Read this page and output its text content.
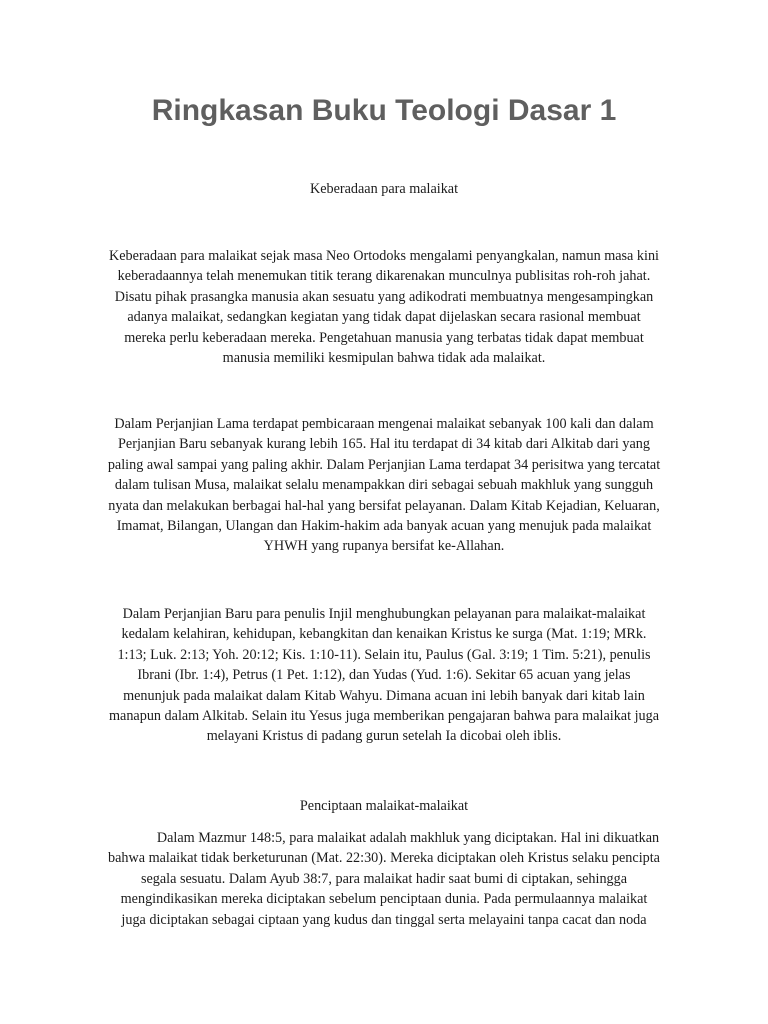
Ringkasan Buku Teologi Dasar 1

Keberadaan para malaikat

Keberadaan para malaikat sejak masa Neo Ortodoks mengalami penyangkalan, namun masa kini
keberadaannya telah menemukan titik terang dikarenakan munculnya publisitas roh-roh jahat.
Disatu pihak prasangka manusia akan sesuatu yang adikodrati membuatnya mengesampingkan
adanya malaikat, sedangkan kegiatan yang tidak dapat dijelaskan secara rasional membuat
mereka perlu keberadaan mereka. Pengetahuan manusia yang terbatas tidak dapat membuat
manusia memiliki kesmipulan bahwa tidak ada malaikat.

Dalam Perjanjian Lama terdapat pembicaraan mengenai malaikat sebanyak 100 kali dan dalam
Perjanjian Baru sebanyak kurang lebih 165. Hal itu terdapat di 34 kitab dari Alkitab dari yang
paling awal sampai yang paling akhir. Dalam Perjanjian Lama terdapat 34 perisitwa yang tercatat
dalam tulisan Musa, malaikat selalu menampakkan diri sebagai sebuah makhluk yang sungguh
nyata dan melakukan berbagai hal-hal yang bersifat pelayanan. Dalam Kitab Kejadian, Keluaran,
Imamat, Bilangan, Ulangan dan Hakim-hakim ada banyak acuan yang menujuk pada malaikat
YHWH yang rupanya bersifat ke-Allahan.

Dalam Perjanjian Baru para penulis Injil menghubungkan pelayanan para malaikat-malaikat
kedalam kelahiran, kehidupan, kebangkitan dan kenaikan Kristus ke surga (Mat. 1:19; MRk.
1:13; Luk. 2:13; Yoh. 20:12; Kis. 1:10-11). Selain itu, Paulus (Gal. 3:19; 1 Tim. 5:21), penulis
Ibrani (Ibr. 1:4), Petrus (1 Pet. 1:12), dan Yudas (Yud. 1:6). Sekitar 65 acuan yang jelas
menunjuk pada malaikat dalam Kitab Wahyu. Dimana acuan ini lebih banyak dari kitab lain
manapun dalam Alkitab. Selain itu Yesus juga memberikan pengajaran bahwa para malaikat juga
melayani Kristus di padang gurun setelah Ia dicobai oleh iblis.

Penciptaan malaikat-malaikat

Dalam Mazmur 148:5, para malaikat adalah makhluk yang diciptakan. Hal ini dikuatkan
bahwa malaikat tidak berketurunan (Mat. 22:30). Mereka diciptakan oleh Kristus selaku pencipta
segala sesuatu. Dalam Ayub 38:7, para malaikat hadir saat bumi di ciptakan, sehingga
mengindikasikan mereka diciptakan sebelum penciptaan dunia. Pada permulaannya malaikat
juga diciptakan sebagai ciptaan yang kudus dan tinggal serta melayaini tanpa cacat dan noda
